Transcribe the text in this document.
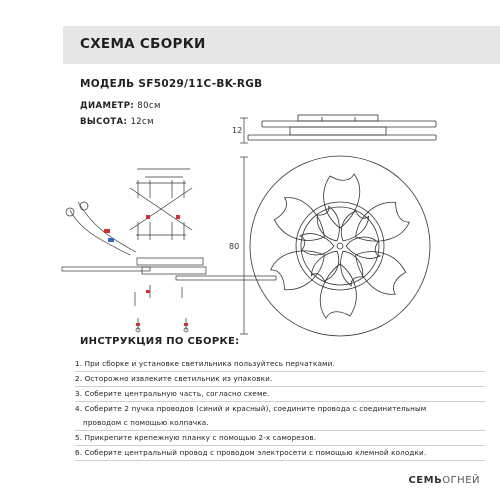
СХЕМА СБОРКИ
МОДЕЛЬ SF5029/11C-BK-RGB
ДИАМЕТР: 80см
ВЫСОТА: 12см
12
80
ИНСТРУКЦИЯ ПО СБОРКЕ:
1. При сборке и установке светильника пользуйтесь перчатками.
2. Осторожно извлеките светильник из упаковки.
3. Соберите центральную часть, согласно схеме.
4. Соберите 2 пучка проводов (синий и красный), соедините провода с соединительным
проводом с помощью колпачка.
5. Прикрепите крепежную планку с помощью 2-х саморезов.
6. Соберите центральный провод с проводом электросети с помощью клемной колодки.
СЕМЬОГНЕЙ
